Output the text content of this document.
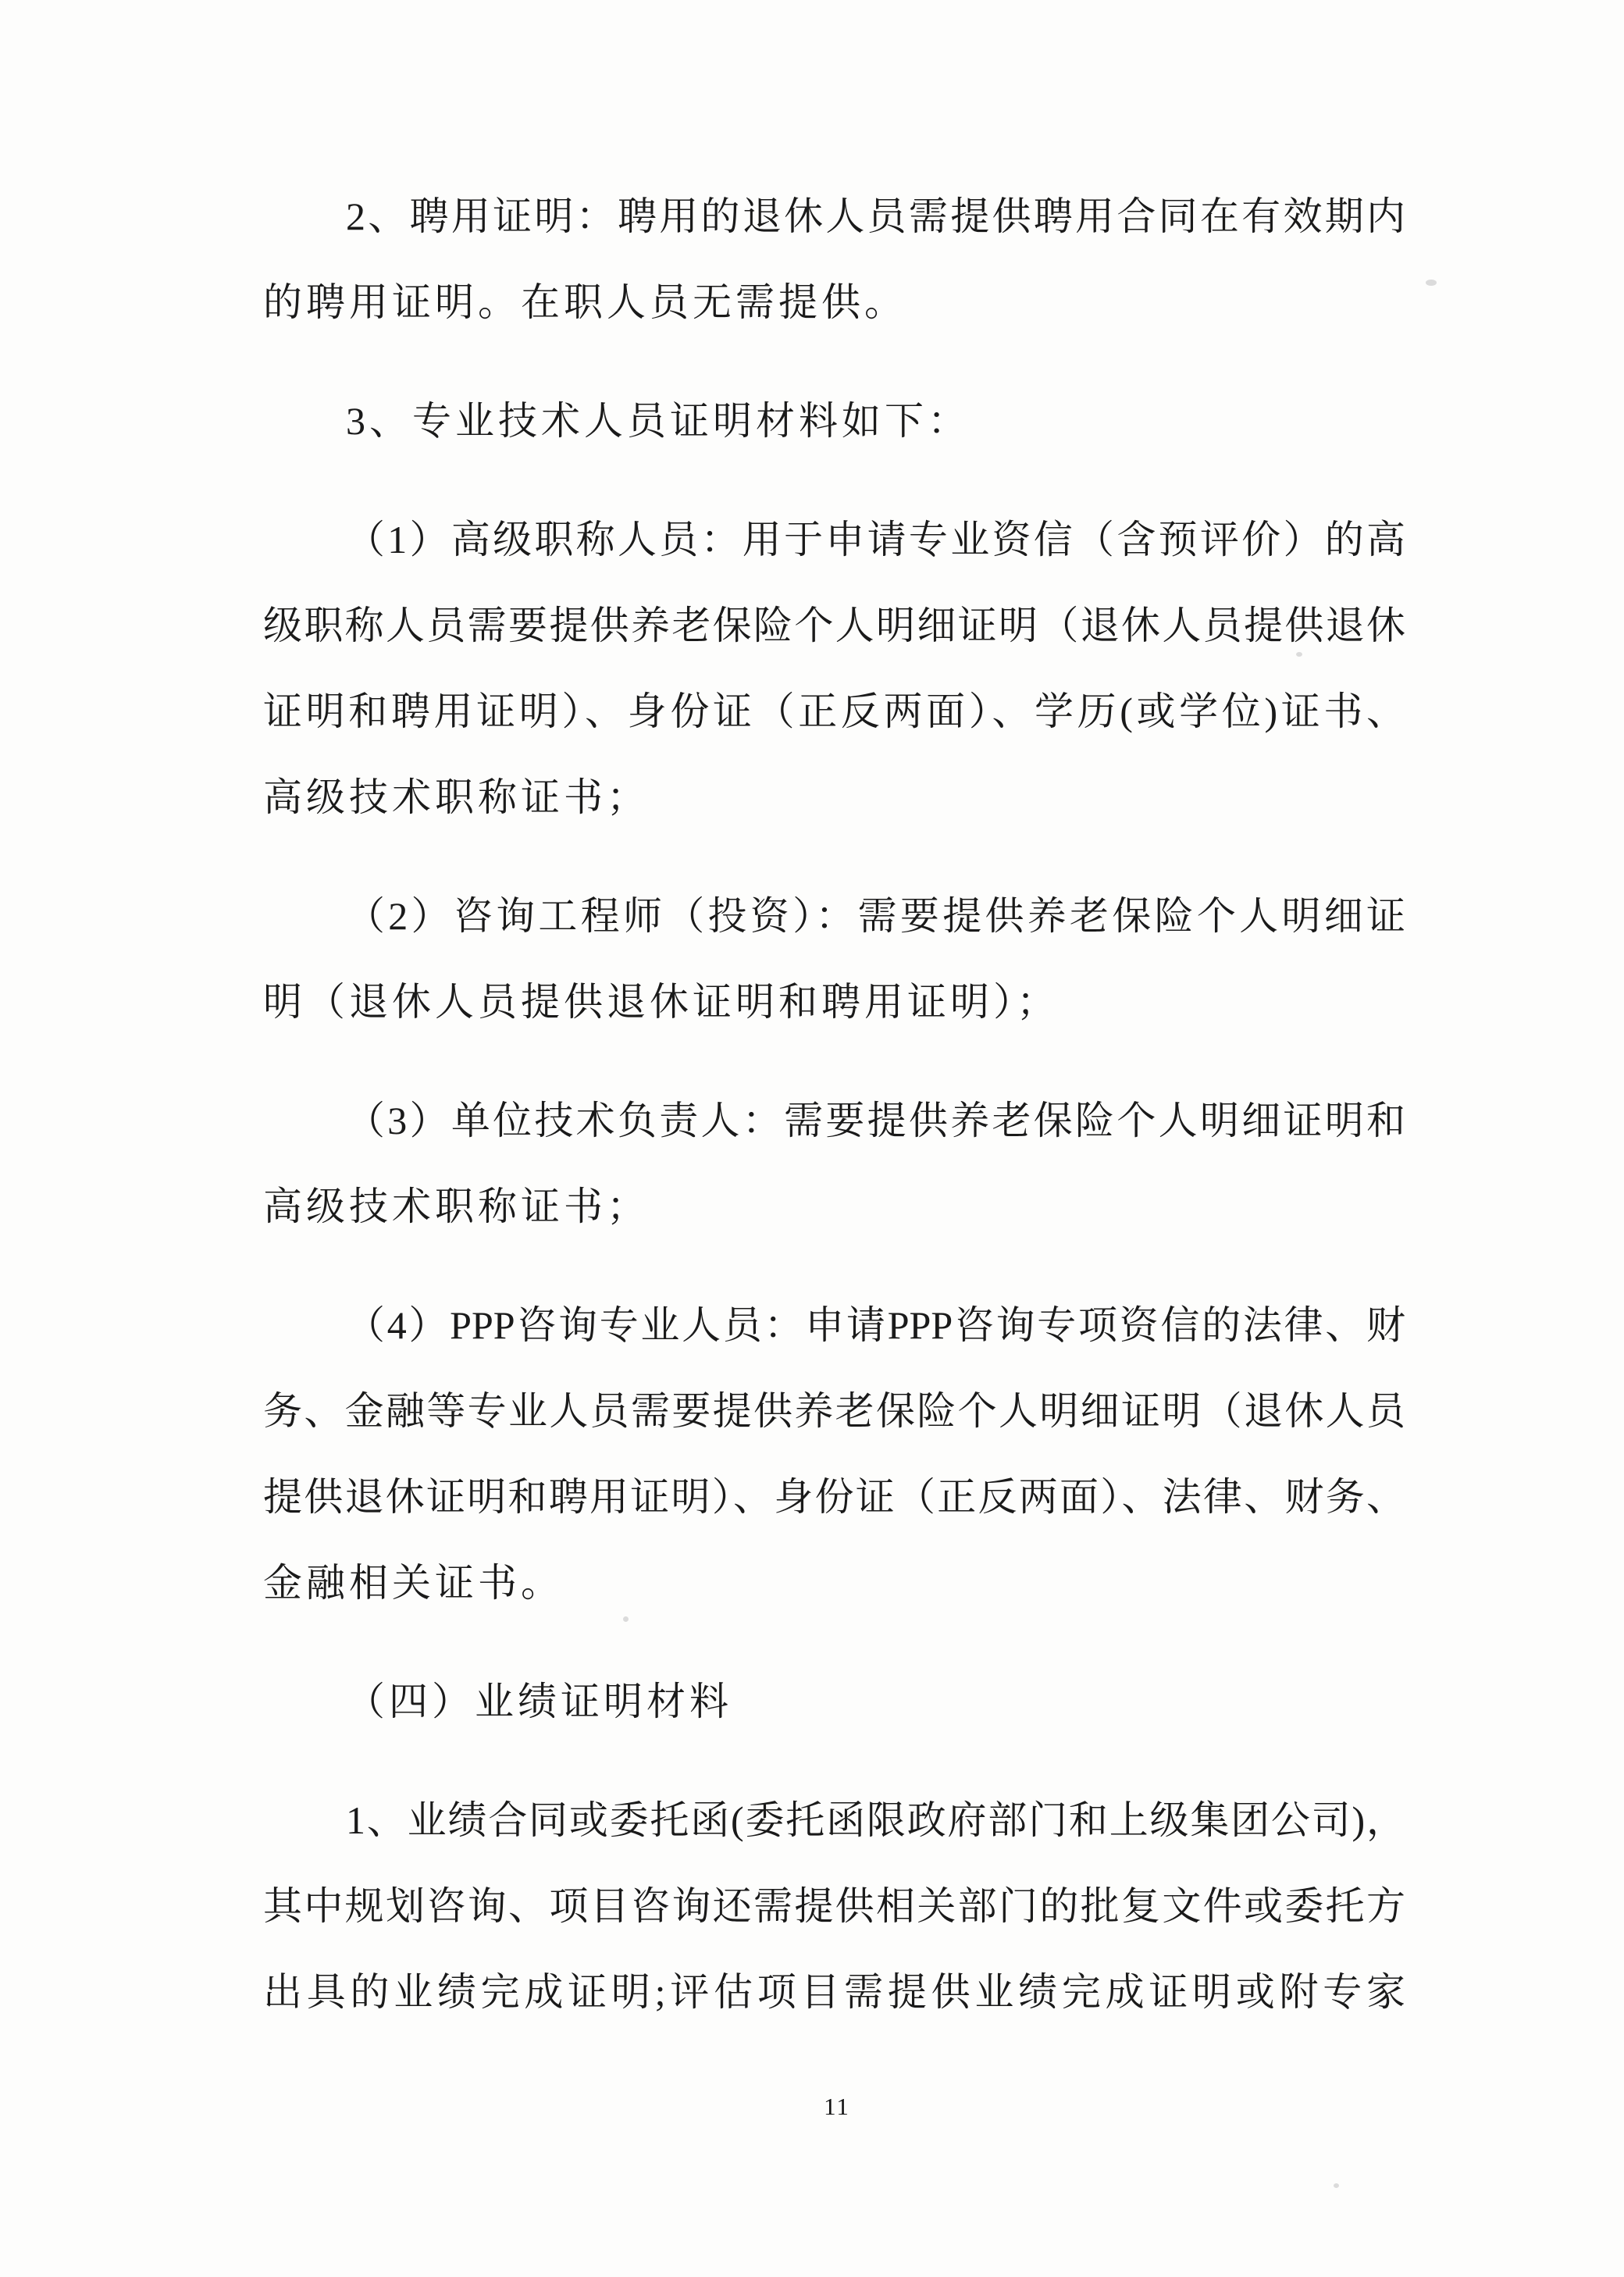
2、聘用证明：聘用的退休人员需提供聘用合同在有效期内
的聘用证明。在职人员无需提供。
3、专业技术人员证明材料如下：
（1）高级职称人员：用于申请专业资信（含预评价）的高
级职称人员需要提供养老保险个人明细证明（退休人员提供退休
证明和聘用证明）、身份证（正反两面）、学历(或学位)证书、
高级技术职称证书；
（2）咨询工程师（投资）：需要提供养老保险个人明细证
明（退休人员提供退休证明和聘用证明）；
（3）单位技术负责人：需要提供养老保险个人明细证明和
高级技术职称证书；
（4）PPP咨询专业人员：申请PPP咨询专项资信的法律、财
务、金融等专业人员需要提供养老保险个人明细证明（退休人员
提供退休证明和聘用证明）、身份证（正反两面）、法律、财务、
金融相关证书。
（四）业绩证明材料
1、业绩合同或委托函(委托函限政府部门和上级集团公司)，
其中规划咨询、项目咨询还需提供相关部门的批复文件或委托方
出具的业绩完成证明;评估项目需提供业绩完成证明或附专家
11
